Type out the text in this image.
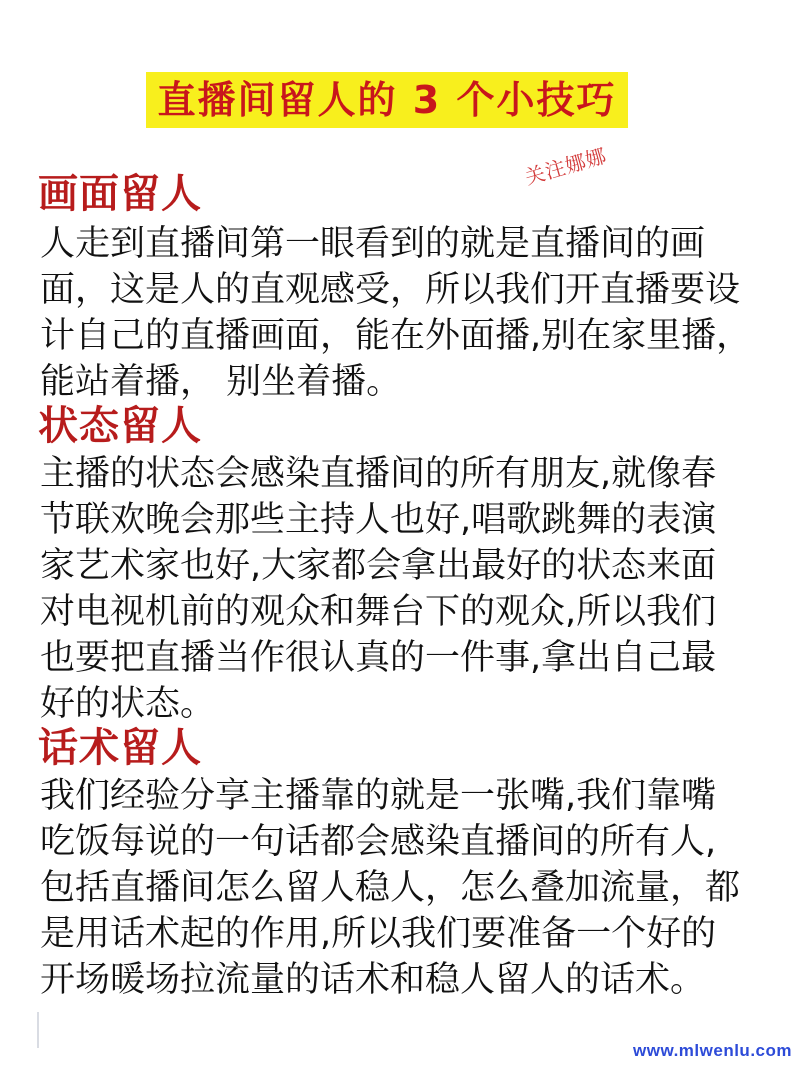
直播间留人的 3 个小技巧
关注娜娜
画面留人
人走到直播间第一眼看到的就是直播间的画
面，这是人的直观感受，所以我们开直播要设
计自己的直播画面，能在外面播,别在家里播，
能站着播， 别坐着播。
状态留人
主播的状态会感染直播间的所有朋友,就像春
节联欢晚会那些主持人也好,唱歌跳舞的表演
家艺术家也好,大家都会拿出最好的状态来面
对电视机前的观众和舞台下的观众,所以我们
也要把直播当作很认真的一件事,拿出自己最
好的状态。
话术留人
我们经验分享主播靠的就是一张嘴,我们靠嘴
吃饭每说的一句话都会感染直播间的所有人,
包括直播间怎么留人稳人，怎么叠加流量，都
是用话术起的作用,所以我们要准备一个好的
开场暖场拉流量的话术和稳人留人的话术。
www.mlwenlu.com
